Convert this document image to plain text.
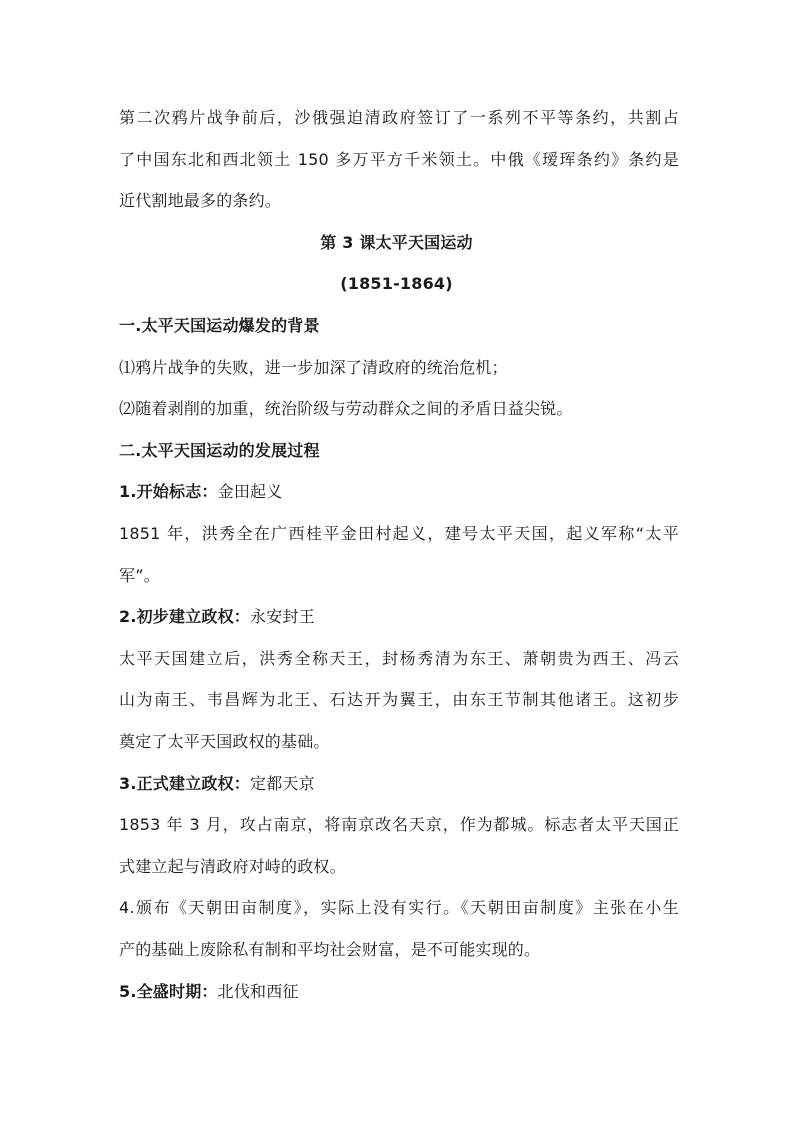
第二次鸦片战争前后，沙俄强迫清政府签订了一系列不平等条约，共割占
了中国东北和西北领土 150 多万平方千米领土。中俄《瑷珲条约》条约是
近代割地最多的条约。
第 3 课太平天国运动
(1851-1864)
一.太平天国运动爆发的背景
⑴鸦片战争的失败，进一步加深了清政府的统治危机；
⑵随着剥削的加重，统治阶级与劳动群众之间的矛盾日益尖锐。
二.太平天国运动的发展过程
1.开始标志：金田起义
1851 年，洪秀全在广西桂平金田村起义，建号太平天国，起义军称“太平
军”。
2.初步建立政权：永安封王
太平天国建立后，洪秀全称天王，封杨秀清为东王、萧朝贵为西王、冯云
山为南王、韦昌辉为北王、石达开为翼王，由东王节制其他诸王。这初步
奠定了太平天国政权的基础。
3.正式建立政权：定都天京
1853 年 3 月，攻占南京，将南京改名天京，作为都城。标志者太平天国正
式建立起与清政府对峙的政权。
4.颁布《天朝田亩制度》，实际上没有实行。《天朝田亩制度》主张在小生
产的基础上废除私有制和平均社会财富，是不可能实现的。
5.全盛时期：北伐和西征
